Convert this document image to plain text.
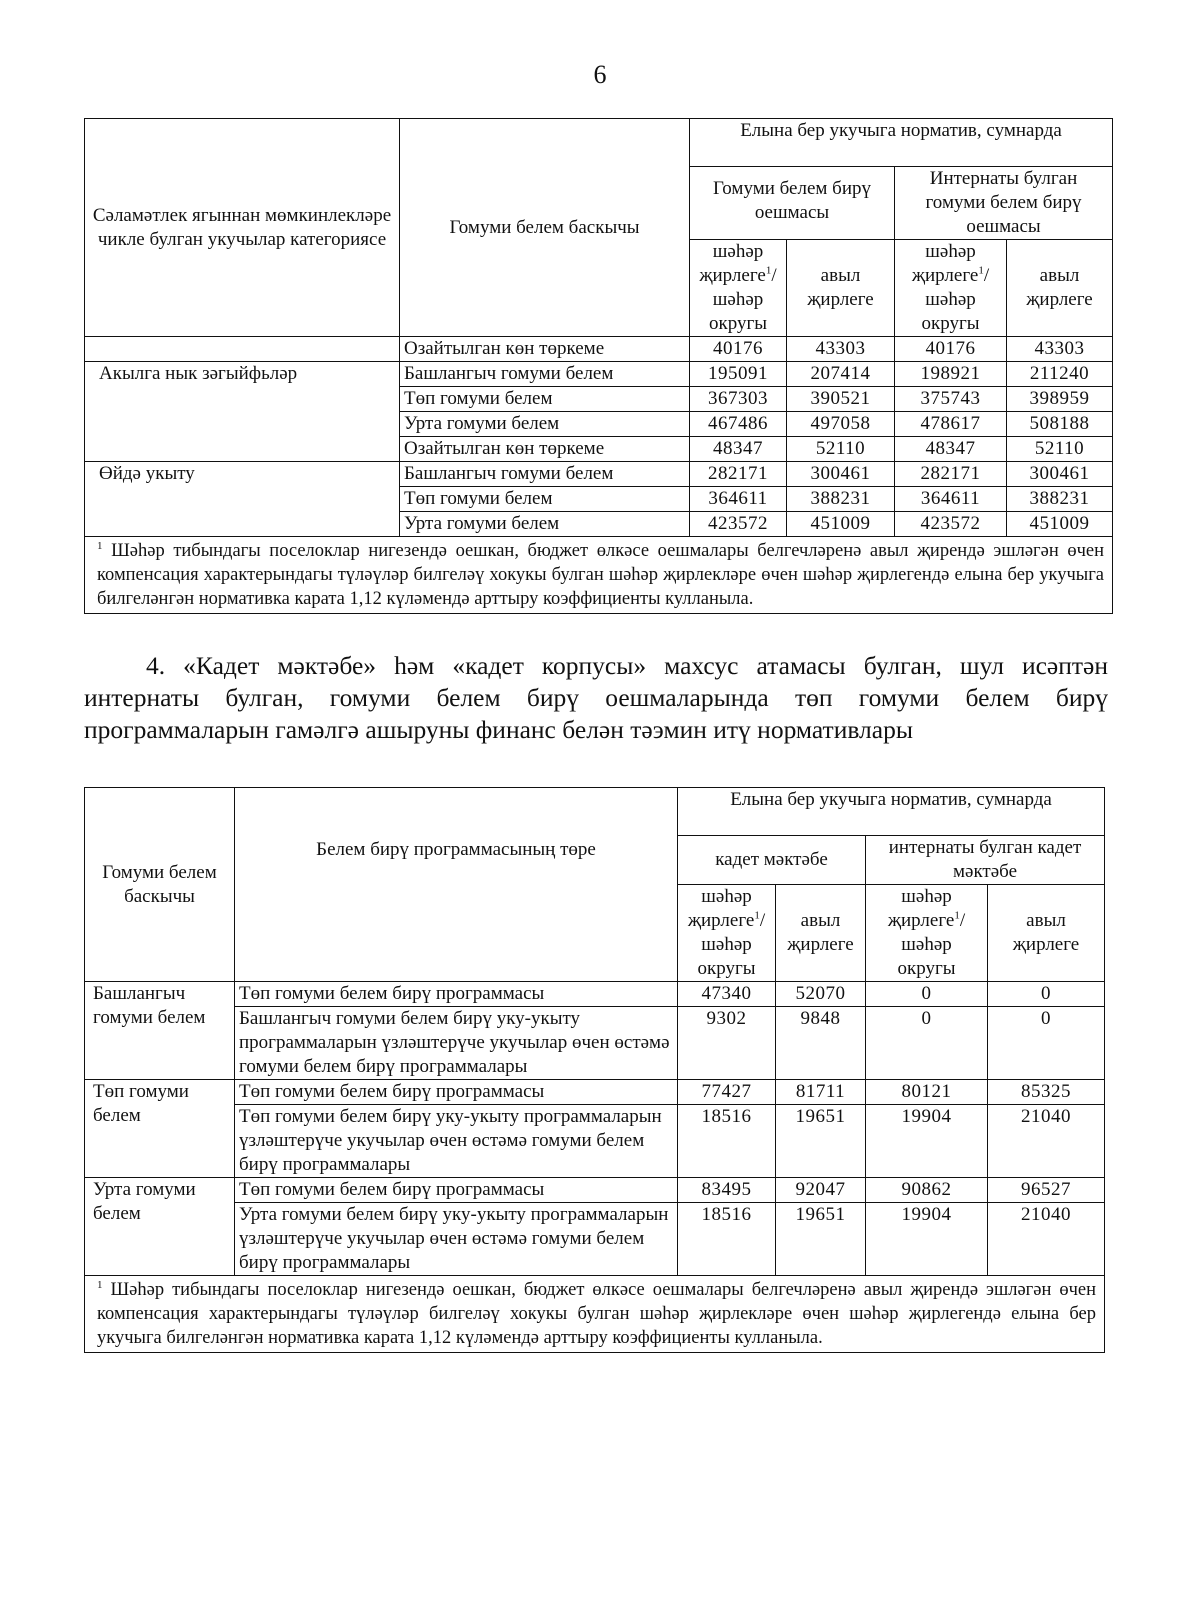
6
Сәламәтлек ягыннан мөмкинлекләре чикле булган укучылар категориясе	Гомуми белем баскычы	Елына бер укучыга норматив, сумнарда			
		Гомуми белем бирү оешмасы		Интернаты булган гомуми белем бирү оешмасы	
		шәһәр җирлеге$^1$/ шәһәр округы	авыл җирлеге	шәһәр җирлеге$^1$/ шәһәр округы	авыл җирлеге
	Озайтылган көн төркеме	40176	43303	40176	43303
Акылга нык зәгыйфьләр	Башлангыч гомуми белем	195091	207414	198921	211240
	Төп гомуми белем	367303	390521	375743	398959
	Урта гомуми белем	467486	497058	478617	508188
	Озайтылган көн төркеме	48347	52110	48347	52110
Өйдә укыту	Башлангыч гомуми белем	282171	300461	282171	300461
	Төп гомуми белем	364611	388231	364611	388231
	Урта гомуми белем	423572	451009	423572	451009
$^1$ Шәһәр тибындагы поселоклар нигезендә оешкан, бюджет өлкәсе оешмалары белгечләренә авыл җирендә эшләгән өчен компенсация характерындагы түләүләр билгеләү хокукы булган шәһәр җирлекләре өчен шәһәр җирлегендә елына бер укучыга билгеләнгән нормативка карата 1,12 күләмендә арттыру коэффициенты кулланыла.					
4. «Кадет мәктәбе» һәм «кадет корпусы» махсус атамасы булган, шул исәптән интернаты булган, гомуми белем бирү оешмаларында төп гомуми белем бирү программаларын гамәлгә ашыруны финанс белән тәэмин итү нормативлары
Гомуми белем баскычы	Белем бирү программасының төре	Елына бер укучыга норматив, сумнарда			
		кадет мәктәбе		интернаты булган кадет мәктәбе	
		шәһәр җирлеге$^1$/ шәһәр округы	авыл җирлеге	шәһәр җирлеге$^1$/ шәһәр округы	авыл җирлеге
Башлангыч гомуми белем	Төп гомуми белем бирү программасы	47340	52070	0	0
	Башлангыч гомуми белем бирү уку-укыту программаларын үзләштерүче укучылар өчен өстәмә гомуми белем бирү программалары	9302	9848	0	0
Төп гомуми белем	Төп гомуми белем бирү программасы	77427	81711	80121	85325
	Төп гомуми белем бирү уку-укыту программаларын үзләштерүче укучылар өчен өстәмә гомуми белем бирү программалары	18516	19651	19904	21040
Урта гомуми белем	Төп гомуми белем бирү программасы	83495	92047	90862	96527
	Урта гомуми белем бирү уку-укыту программаларын үзләштерүче укучылар өчен өстәмә гомуми белем бирү программалары	18516	19651	19904	21040
$^1$ Шәһәр тибындагы поселоклар нигезендә оешкан, бюджет өлкәсе оешмалары белгечләренә авыл җирендә эшләгән өчен компенсация характерындагы түләүләр билгеләү хокукы булган шәһәр җирлекләре өчен шәһәр җирлегендә елына бер укучыга билгеләнгән нормативка карата 1,12 күләмендә арттыру коэффициенты кулланыла.					
